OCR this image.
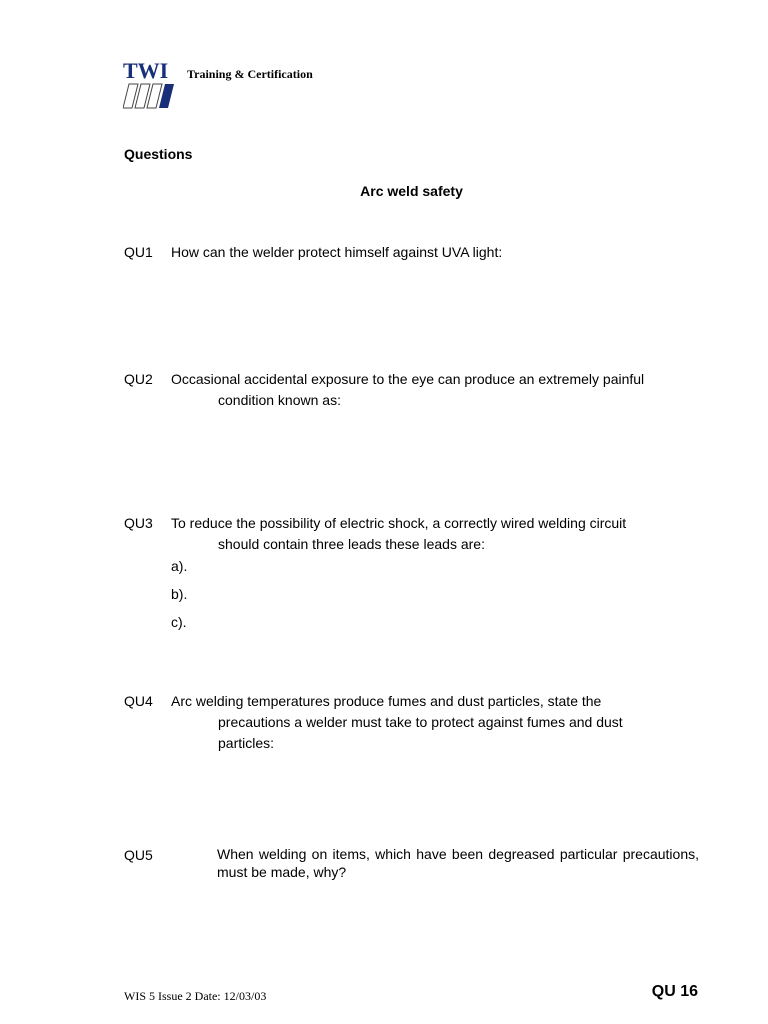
TWI Training & Certification
Questions
Arc weld safety
QU1 How can the welder protect himself against UVA light:
QU2 Occasional accidental exposure to the eye can produce an extremely painful
condition known as:
QU3 To reduce the possibility of electric shock, a correctly wired welding circuit
should contain three leads these leads are:
a).
b).
c).
QU4 Arc welding temperatures produce fumes and dust particles, state the
precautions a welder must take to protect against fumes and dust
particles:
QU5	When welding on items, which have been degreased particular precautions, must be made, why?
WIS 5 Issue 2 Date: 12/03/03	QU 16
